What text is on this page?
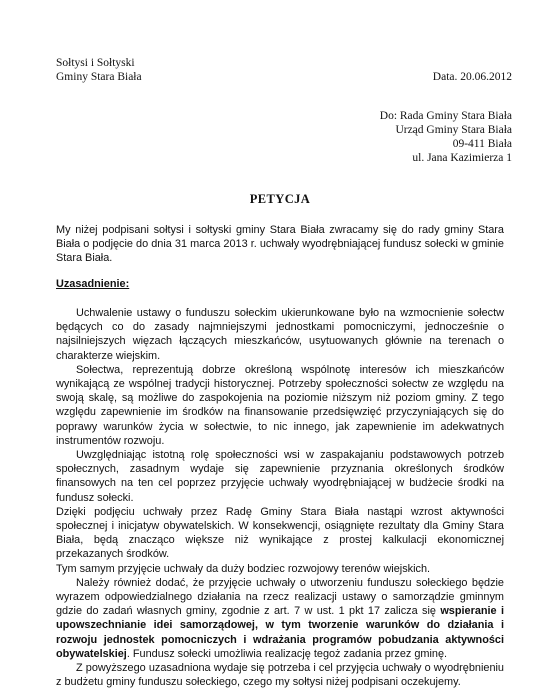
Sołtysi i Sołtyski
Gminy Stara Biała	Data. 20.06.2012
Do: Rada Gminy Stara Biała
Urząd Gminy Stara Biała
09-411 Biała
ul. Jana Kazimierza 1
PETYCJA

My niżej podpisani sołtysi i sołtyski gminy Stara Biała zwracamy się do rady gminy Stara Biała o podjęcie do dnia 31 marca 2013 r. uchwały wyodrębniającej fundusz sołecki w gminie Stara Biała.

Uzasadnienie:

Uchwalenie ustawy o funduszu sołeckim ukierunkowane było na wzmocnienie sołectw będących co do zasady najmniejszymi jednostkami pomocniczymi, jednocześnie o najsilniejszych więzach łączących mieszkańców, usytuowanych głównie na terenach o charakterze wiejskim.

Sołectwa, reprezentują dobrze określoną wspólnotę interesów ich mieszkańców wynikającą ze wspólnej tradycji historycznej. Potrzeby społeczności sołectw ze względu na swoją skalę, są możliwe do zaspokojenia na poziomie niższym niż poziom gminy. Z tego względu zapewnienie im środków na finansowanie przedsięwzięć przyczyniających się do poprawy warunków życia w sołectwie, to nic innego, jak zapewnienie im adekwatnych instrumentów rozwoju.

Uwzględniając istotną rolę społeczności wsi w zaspakajaniu podstawowych potrzeb społecznych, zasadnym wydaje się zapewnienie przyznania określonych środków finansowych na ten cel poprzez przyjęcie uchwały wyodrębniającej w budżecie środki na fundusz sołecki.

Dzięki podjęciu uchwały przez Radę Gminy Stara Biała nastąpi wzrost aktywności społecznej i inicjatyw obywatelskich. W konsekwencji, osiągnięte rezultaty dla Gminy Stara Biała, będą znacząco większe niż wynikające z prostej kalkulacji ekonomicznej przekazanych środków.

Tym samym przyjęcie uchwały da duży bodziec rozwojowy terenów wiejskich.

Należy również dodać, że przyjęcie uchwały o utworzeniu funduszu sołeckiego będzie wyrazem odpowiedzialnego działania na rzecz realizacji ustawy o samorządzie gminnym gdzie do zadań własnych gminy, zgodnie z art. 7 w ust. 1 pkt 17 zalicza się wspieranie i upowszechnianie idei samorządowej, w tym tworzenie warunków do działania i rozwoju jednostek pomocniczych i wdrażania programów pobudzania aktywności obywatelskiej. Fundusz sołecki umożliwia realizację tegoż zadania przez gminę.

Z powyższego uzasadniona wydaje się potrzeba i cel przyjęcia uchwały o wyodrębnieniu z budżetu gminy funduszu sołeckiego, czego my sołtysi niżej podpisani oczekujemy.
